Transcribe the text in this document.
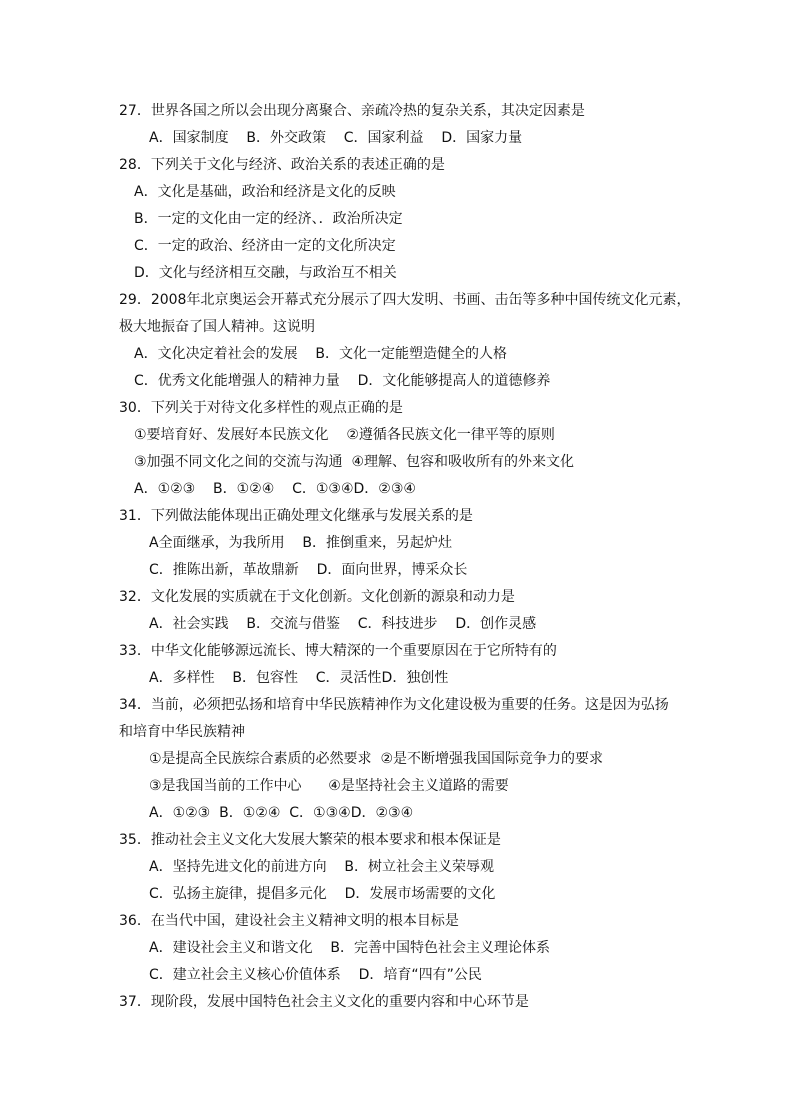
27．世界各国之所以会出现分离聚合、亲疏冷热的复杂关系，其决定因素是
A．国家制度    B．外交政策    C．国家利益    D．国家力量
28．下列关于文化与经济、政治关系的表述正确的是
A．文化是基础，政治和经济是文化的反映
B．一定的文化由一定的经济、．政治所决定
C．一定的政治、经济由一定的文化所决定
D．文化与经济相互交融，与政治互不相关
29．2008年北京奥运会开幕式充分展示了四大发明、书画、击缶等多种中国传统文化元素，
极大地振奋了国人精神。这说明
A．文化决定着社会的发展    B．文化一定能塑造健全的人格
C．优秀文化能增强人的精神力量    D．文化能够提高人的道德修养
30．下列关于对待文化多样性的观点正确的是
①要培育好、发展好本民族文化    ②遵循各民族文化一律平等的原则
③加强不同文化之间的交流与沟通  ④理解、包容和吸收所有的外来文化
A．①②③    B．①②④    C．①③④D．②③④
31．下列做法能体现出正确处理文化继承与发展关系的是
A全面继承，为我所用    B．推倒重来，另起炉灶
C．推陈出新，革故鼎新    D．面向世界，博采众长
32．文化发展的实质就在于文化创新。文化创新的源泉和动力是
A．社会实践    B．交流与借鉴    C．科技进步    D．创作灵感
33．中华文化能够源远流长、博大精深的一个重要原因在于它所特有的
A．多样性    B．包容性    C．灵活性D．独创性
34．当前，必须把弘扬和培育中华民族精神作为文化建设极为重要的任务。这是因为弘扬
和培育中华民族精神
①是提高全民族综合素质的必然要求  ②是不断增强我国国际竞争力的要求
③是我国当前的工作中心      ④是坚持社会主义道路的需要
A．①②③  B．①②④  C．①③④D．②③④
35．推动社会主义文化大发展大繁荣的根本要求和根本保证是
A．坚持先进文化的前进方向    B．树立社会主义荣辱观
C．弘扬主旋律，提倡多元化    D．发展市场需要的文化
36．在当代中国，建设社会主义精神文明的根本目标是
A．建设社会主义和谐文化    B．完善中国特色社会主义理论体系
C．建立社会主义核心价值体系    D．培育“四有”公民
37．现阶段，发展中国特色社会主义文化的重要内容和中心环节是
